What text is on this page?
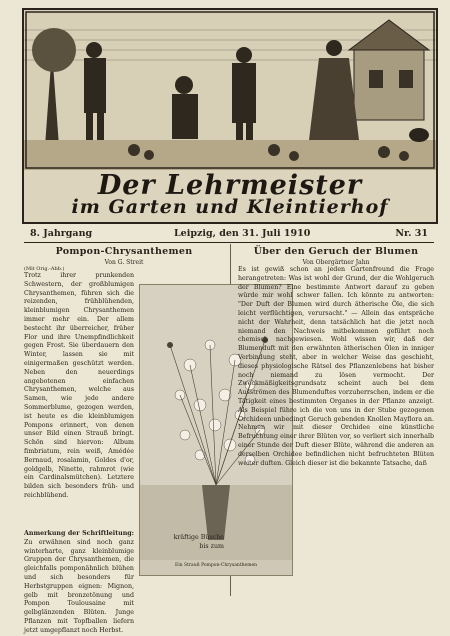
Der Lehrmeister
im Garten und Kleintierhof
8. Jahrgang	Leipzig, den 31. Juli 1910	Nr. 31
Pompon-Chrysanthemen
Von G. Streit
(Mit Orig.-Abb.)
Trotz ihrer prunkenden Schwestern, der großblumigen Chrysanthemen, führen sich die reizenden, frühblühenden, kleinblumigen Chrysanthemen immer mehr ein. Der allem bestecht ihr überreicher, früher Flor und ihre Unempfindlichkeit gegen Frost. Sie überdauern den Winter, lassen sie mit einigermaßen geschützt werden. Neben den neuerdings angebotenen einfachen Chrysanthemen, welche aus Samen, wie jede andere Sommerblume, gezogen werden, ist heute es die kleinblumigen Pompons erinnert, von denen unser Bild einen Strauß bringt. Schön sind hiervon: Album fimbriatum, rein weiß, Amédée Bernaud, rosalamin, Goldes d'or, goldgelb, Ninette, rahmrot (wie ein Cardinalsmütchen). Letztere bilden sich besonders früh- und reichblühend.
Ein Strauß Pompon-Chrysanthemen
Anmerkung der Schriftleitung: Zu erwähnen sind noch ganz winterharte, ganz kleinblumige Gruppen der Chrysanthemen, die gleichfalls pomponähnlich blühen und sich besonders für Herbstgruppen eignen: Mignon, gelb mit bronzetönung und Pompon Toulousaine mit gelbglänzenden Blüten. Junge Pflanzen mit Topfballen liefern jetzt umgepflanzt noch Herbst.
kräftige Büsche bis zum
Über den Geruch der Blumen
Von Obergärtner Jahn
Es ist gewiß schon an jeden Gartenfreund die Frage herangetreten: Was ist wohl der Grund, der die Wohlgeruch der Blumen? Eine bestimmte Antwort darauf zu geben würde mir wohl schwer fallen. Ich könnte zu antworten: "Der Duft der Blumen wird durch ätherische Öle, die sich leicht verflüchtigen, verursacht." — Allein das entspräche nicht der Wahrheit, denn tatsächlich hat die jetzt noch niemand den Nachweis mitbekommen geführt noch chemisch nachgewiesen. Wohl wissen wir, daß der Blumenduft mit den erwähnten ätherischen Ölen in inniger Verbindung steht, aber in welcher Weise das geschieht, dieses physiologische Rätsel des Pflanzenlebens hat bisher noch niemand zu lösen vermocht. Der Zweckmäßigkeitsgrundsatz scheint auch bei dem Ausströmen des Blumenduftes vorzuherrschen, indem er die Tätigkeit eines bestimmten Organes in der Pflanze anzeigt. Als Beispiel führe ich die von uns in der Stube gezogenen Orchideen unbedingt Geruch gebenden Knollen Mayflora an. Nehmen wir mit dieser Orchidee eine künstliche Befruchtung einer ihrer Blüten vor, so verliert sich innerhalb einer Stunde der Duft dieser Blüte, während die anderen an derselben Orchidee befindlichen nicht befruchteten Blüten weiter duften. Gleich dieser ist die bekannte Tatsache, daß
